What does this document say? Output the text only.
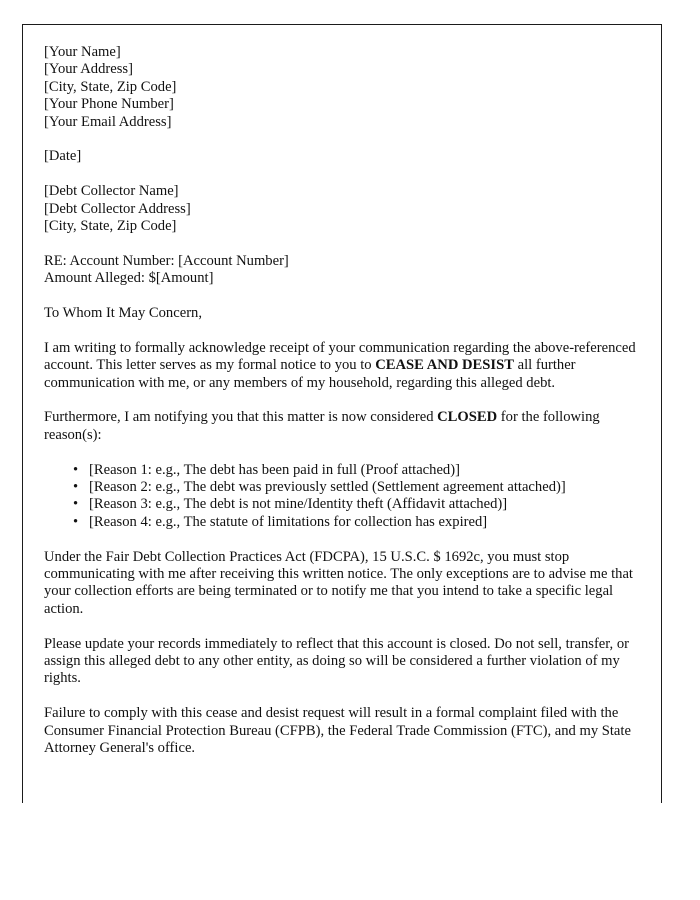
[Your Name]
[Your Address]
[City, State, Zip Code]
[Your Phone Number]
[Your Email Address]
[Date]
[Debt Collector Name]
[Debt Collector Address]
[City, State, Zip Code]
RE: Account Number: [Account Number]
Amount Alleged: $[Amount]
To Whom It May Concern,

I am writing to formally acknowledge receipt of your communication regarding the above-referenced account. This letter serves as my formal notice to you to CEASE AND DESIST all further communication with me, or any members of my household, regarding this alleged debt.

Furthermore, I am notifying you that this matter is now considered CLOSED for the following reason(s):

• [Reason 1: e.g., The debt has been paid in full (Proof attached)]
• [Reason 2: e.g., The debt was previously settled (Settlement agreement attached)]
• [Reason 3: e.g., The debt is not mine/Identity theft (Affidavit attached)]
• [Reason 4: e.g., The statute of limitations for collection has expired]

Under the Fair Debt Collection Practices Act (FDCPA), 15 U.S.C. $ 1692c, you must stop communicating with me after receiving this written notice. The only exceptions are to advise me that your collection efforts are being terminated or to notify me that you intend to take a specific legal action.

Please update your records immediately to reflect that this account is closed. Do not sell, transfer, or assign this alleged debt to any other entity, as doing so will be considered a further violation of my rights.

Failure to comply with this cease and desist request will result in a formal complaint filed with the Consumer Financial Protection Bureau (CFPB), the Federal Trade Commission (FTC), and my State Attorney General's office.
